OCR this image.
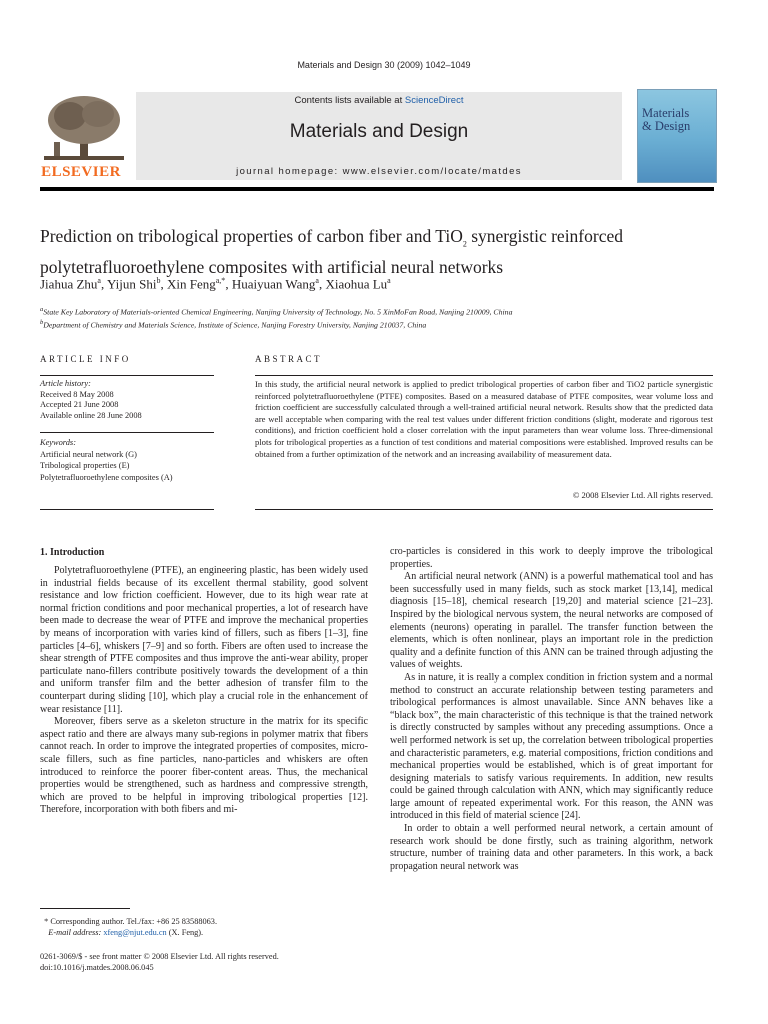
Materials and Design 30 (2009) 1042–1049
ELSEVIER
Contents lists available at ScienceDirect
Materials and Design
journal homepage: www.elsevier.com/locate/matdes
Materials
& Design
Prediction on tribological properties of carbon fiber and TiO$_2$ synergistic reinforced polytetrafluoroethylene composites with artificial neural networks
Jiahua Zhu$^a$, Yijun Shi$^b$, Xin Feng$^{a,*}$, Huaiyuan Wang$^a$, Xiaohua Lu$^a$
$^a$State Key Laboratory of Materials-oriented Chemical Engineering, Nanjing University of Technology, No. 5 XinMoFan Road, Nanjing 210009, China
$^b$Department of Chemistry and Materials Science, Institute of Science, Nanjing Forestry University, Nanjing 210037, China
ARTICLE INFO
Article history:
Received 8 May 2008
Accepted 21 June 2008
Available online 28 June 2008
Keywords:
Artificial neural network (G)
Tribological properties (E)
Polytetrafluoroethylene composites (A)
ABSTRACT
In this study, the artificial neural network is applied to predict tribological properties of carbon fiber and TiO2 particle synergistic reinforced polytetrafluoroethylene (PTFE) composites. Based on a measured database of PTFE composites, wear volume loss and friction coefficient are successfully calculated through a well-trained artificial neural network. Results show that the predicted data are well acceptable when comparing with the real test values under different friction conditions (slight, moderate and rigorous test conditions), and friction coefficient hold a closer correlation with the input parameters than wear volume loss. Three-dimensional plots for tribological properties as a function of test conditions and material compositions were established. Improved results can be obtained from a further optimization of the network and an increasing availability of measurement data.
© 2008 Elsevier Ltd. All rights reserved.
1. Introduction

Polytetrafluoroethylene (PTFE), an engineering plastic, has been widely used in industrial fields because of its excellent thermal stability, good solvent resistance and low friction coefficient. However, due to its high wear rate at normal friction conditions and poor mechanical properties, a lot of research have been made to decrease the wear of PTFE and improve the mechanical properties by means of incorporation with varies kind of fillers, such as fibers [1–3], fine particles [4–6], whiskers [7–9] and so forth. Fibers are often used to increase the shear strength of PTFE composites and thus improve the anti-wear ability, proper particulate nano-fillers contribute positively towards the development of a thin and uniform transfer film and the better adhesion of transfer film to the counterpart during sliding [10], which play a crucial role in the enhancement of wear resistance [11].

Moreover, fibers serve as a skeleton structure in the matrix for its specific aspect ratio and there are always many sub-regions in polymer matrix that fibers cannot reach. In order to improve the integrated properties of composites, micro-scale fillers, such as fine particles, nano-particles and whiskers are often introduced to reinforce the poorer fiber-content areas. Thus, the mechanical properties would be strengthened, such as hardness and compressive strength, which are proved to be helpful in improving tribological properties [12]. Therefore, incorporation with both fibers and mi-

cro-particles is considered in this work to deeply improve the tribological properties.

An artificial neural network (ANN) is a powerful mathematical tool and has been successfully used in many fields, such as stock market [13,14], medical diagnosis [15–18], chemical research [19,20] and material science [21–23]. Inspired by the biological nervous system, the neural networks are composed of elements (neurons) operating in parallel. The transfer function between the elements, which is often nonlinear, plays an important role in the prediction quality and a definite function of this ANN can be trained through adjusting the values of weights.

As in nature, it is really a complex condition in friction system and a normal method to construct an accurate relationship between testing parameters and tribological performances is almost unavailable. Since ANN behaves like a “black box”, the main characteristic of this technique is that the trained network is directly constructed by samples without any preceding assumptions. Once a well performed network is set up, the correlation between tribological properties and characteristic parameters, e.g. material compositions, friction conditions and mechanical properties would be established, which is of great important for designing materials to satisfy various requirements. In addition, new results could be gained through calculation with ANN, which may significantly reduce large amount of repeated experimental work. For this reason, the ANN was introduced in this field of material science [24].

In order to obtain a well performed neural network, a certain amount of research work should be done firstly, such as training algorithm, network structure, number of training data and other parameters. In this work, a back propagation neural network was

* Corresponding author. Tel./fax: +86 25 83588063.
E-mail address: xfeng@njut.edu.cn (X. Feng).
0261-3069/$ - see front matter © 2008 Elsevier Ltd. All rights reserved.
doi:10.1016/j.matdes.2008.06.045
